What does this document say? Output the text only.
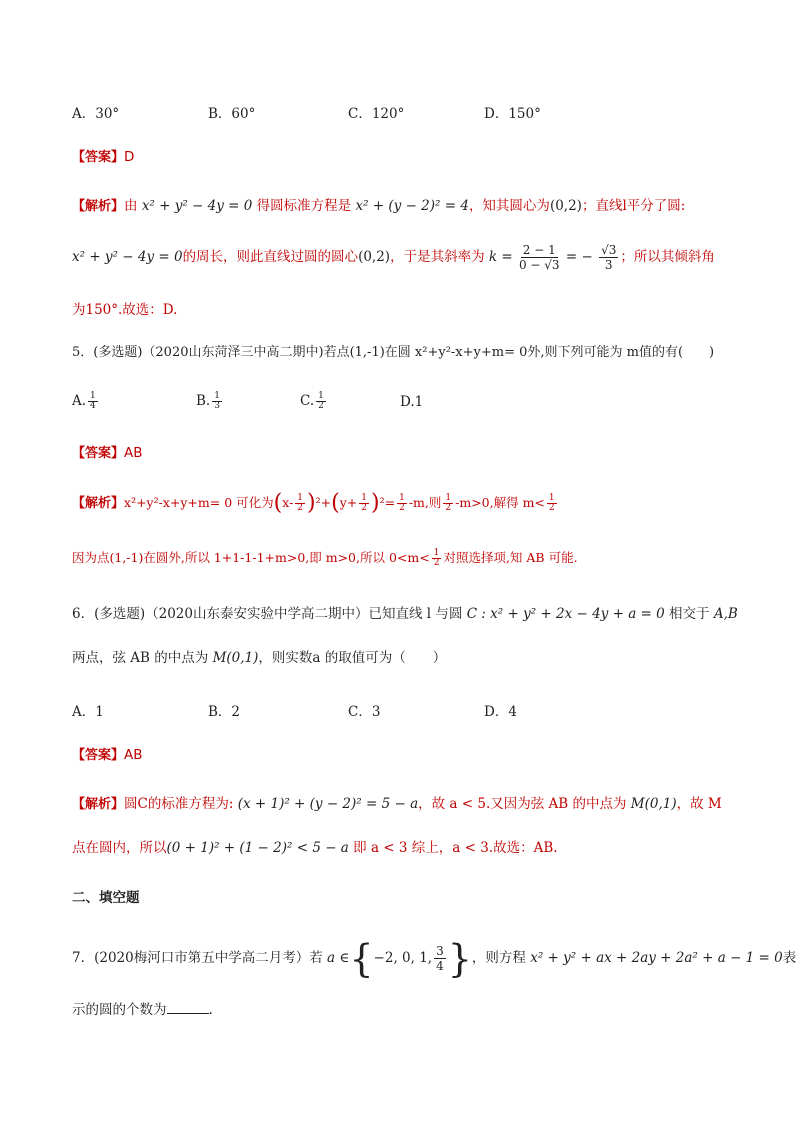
A．30°	B．60°	C．120°	D．150°
【答案】D
【解析】由 x² + y² − 4y = 0 得圆标准方程是 x² + (y − 2)² = 4，知其圆心为(0,2)；直线l平分了圆:
x² + y² − 4y = 0的周长，则此直线过圆的圆心(0,2)，于是其斜率为 $k = \frac{2 - 1}{0 - √3}$ = − $\frac{√3}{3}$ ；所以其倾斜角
为150°.故选：D.
5．(多选题)（2020山东菏泽三中高二期中)若点(1,-1)在圆 x²+y²-x+y+m= 0外,则下列可能为 m值的有(　　)
A. $\frac{1}{4}$	B. $\frac{1}{3}$	C. $\frac{1}{2}$	D.1
【答案】AB
【解析】x²+y²-x+y+m= 0 可化为$(x- \frac{1}{2} )^2+(y+ \frac{1}{2} )^2= \frac{1}{2} -m$,则 $\frac{1}{2} -m>0$,解得 $m< \frac{1}{2}$
因为点(1,-1)在圆外,所以 1+1-1-1+m>0,即 m>0,所以 $0<m< \frac{1}{2}$ 对照选择项,知 AB 可能.
6．(多选题)（2020山东泰安实验中学高二期中）已知直线 l 与圆 C : x² + y² + 2x − 4y + a = 0 相交于 A,B
两点，弦 AB 的中点为 M(0,1)，则实数a 的取值可为（　　）
A．1	B．2	C．3	D．4
【答案】AB
【解析】圆C的标准方程为: (x + 1)² + (y − 2)² = 5 − a，故 a < 5.又因为弦 AB 的中点为 M(0,1)，故 M
点在圆内，所以(0 + 1)² + (1 − 2)² < 5 − a 即 a < 3 综上，a < 3.故选：AB.
二、填空题
7．(2020梅河口市第五中学高二月考）若 a ∈{−2, 0, 1, $\frac{3}{4}$ }，则方程 x² + y² + ax + 2ay + 2a² + a − 1 = 0表
示的圆的个数为	.
